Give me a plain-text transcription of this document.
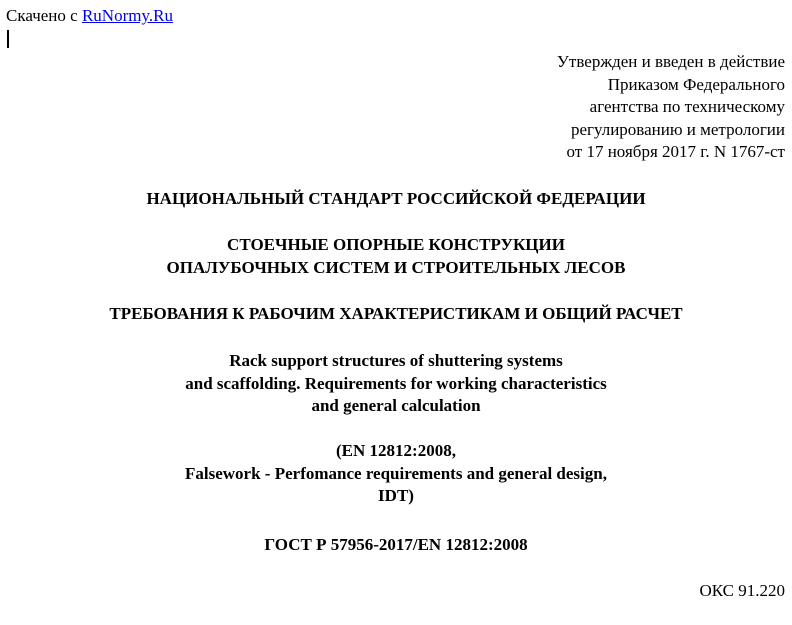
Скачено с RuNormy.Ru
Утвержден и введен в действие
Приказом Федерального
агентства по техническому
регулированию и метрологии
от 17 ноября 2017 г. N 1767-ст
НАЦИОНАЛЬНЫЙ СТАНДАРТ РОССИЙСКОЙ ФЕДЕРАЦИИ
СТОЕЧНЫЕ ОПОРНЫЕ КОНСТРУКЦИИ
ОПАЛУБОЧНЫХ СИСТЕМ И СТРОИТЕЛЬНЫХ ЛЕСОВ
ТРЕБОВАНИЯ К РАБОЧИМ ХАРАКТЕРИСТИКАМ И ОБЩИЙ РАСЧЕТ
Rack support structures of shuttering systems
and scaffolding. Requirements for working characteristics
and general calculation
(EN 12812:2008,
Falsework - Perfomance requirements and general design,
IDT)
ГОСТ Р 57956-2017/EN 12812:2008
ОКС 91.220
